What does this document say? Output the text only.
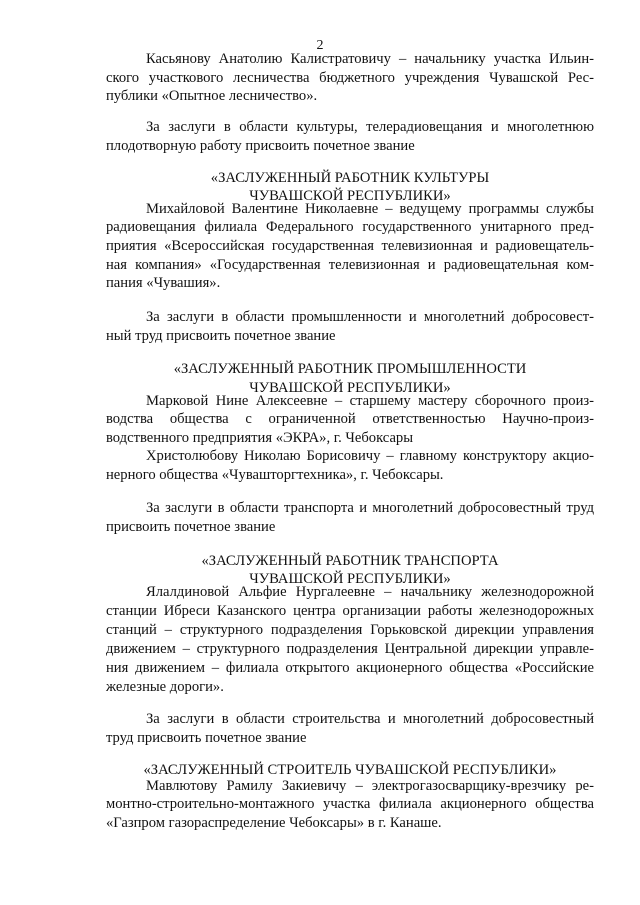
2
Касьянову Анатолию Калистратовичу – начальнику участка Ильин-
ского участкового лесничества бюджетного учреждения Чувашской Рес-
публики «Опытное лесничество».
За заслуги в области культуры, телерадиовещания и многолетнюю
плодотворную работу присвоить почетное звание
«ЗАСЛУЖЕННЫЙ РАБОТНИК КУЛЬТУРЫ
ЧУВАШСКОЙ РЕСПУБЛИКИ»
Михайловой Валентине Николаевне – ведущему программы службы
радиовещания филиала Федерального государственного унитарного пред-
приятия «Всероссийская государственная телевизионная и радиовещатель-
ная компания» «Государственная телевизионная и радиовещательная ком-
пания «Чувашия».
За заслуги в области промышленности и многолетний добросовест-
ный труд присвоить почетное звание
«ЗАСЛУЖЕННЫЙ РАБОТНИК ПРОМЫШЛЕННОСТИ
ЧУВАШСКОЙ РЕСПУБЛИКИ»
Марковой Нине Алексеевне – старшему мастеру сборочного произ-
водства общества с ограниченной ответственностью Научно-произ-
водственного предприятия «ЭКРА», г. Чебоксары
Христолюбову Николаю Борисовичу – главному конструктору акцио-
нерного общества «Чувашторгтехника», г. Чебоксары.
За заслуги в области транспорта и многолетний добросовестный труд
присвоить почетное звание
«ЗАСЛУЖЕННЫЙ РАБОТНИК ТРАНСПОРТА
ЧУВАШСКОЙ РЕСПУБЛИКИ»
Ялалдиновой Альфие Нургалеевне – начальнику железнодорожной
станции Ибреси Казанского центра организации работы железнодорожных
станций – структурного подразделения Горьковской дирекции управления
движением – структурного подразделения Центральной дирекции управле-
ния движением – филиала открытого акционерного общества «Российские
железные дороги».
За заслуги в области строительства и многолетний добросовестный
труд присвоить почетное звание
«ЗАСЛУЖЕННЫЙ СТРОИТЕЛЬ ЧУВАШСКОЙ РЕСПУБЛИКИ»
Мавлютову Рамилу Закиевичу – электрогазосварщику-врезчику ре-
монтно-строительно-монтажного участка филиала акционерного общества
«Газпром газораспределение Чебоксары» в г. Канаше.
